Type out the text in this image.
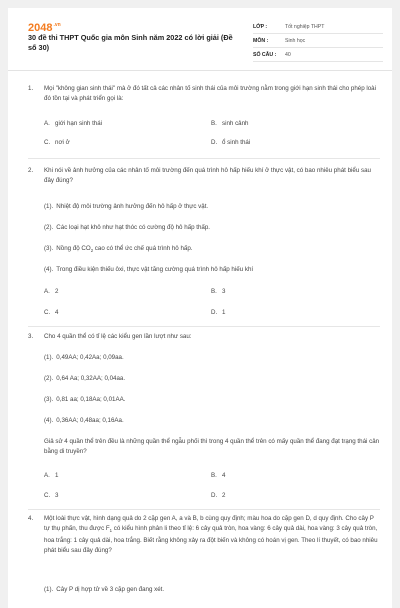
$2048^{.vn}$
30 đề thi THPT Quốc gia môn Sinh năm 2022 có lời giải (Đề số 30)
LỚP :	Tốt nghiệp THPT
MÔN :	Sinh học
SỐ CÂU :	40
1.	Mọi "không gian sinh thái" mà ở đó tất cả các nhân tố sinh thái của môi trường nằm trong giới hạn sinh thái cho phép loài đó tồn tại và phát triển gọi là:
A. giới hạn sinh thái	B. sinh cảnh
C. nơi ở	D. ổ sinh thái
2.	Khi nói về ảnh hưởng của các nhân tố môi trường đến quá trình hô hấp hiếu khí ở thực vật, có bao nhiêu phát biểu sau đây đúng?
(1). Nhiệt độ môi trường ảnh hưởng đến hô hấp ở thực vật.
(2). Các loại hạt khô như hạt thóc có cường độ hô hấp thấp.
(3). Nồng độ $CO_2$ cao có thể ức chế quá trình hô hấp.
(4). Trong điều kiện thiếu ôxi, thực vật tăng cường quá trình hô hấp hiếu khí
A. 2	B. 3
C. 4	D. 1
3.	Cho 4 quần thể có tỉ lệ các kiểu gen lần lượt như sau:
(1). 0,49AA; 0,42Aa; 0,09aa.
(2). 0,64 Aa; 0,32AA; 0,04aa.
(3). 0,81 aa; 0,18Aa; 0,01AA.
(4). 0,36AA; 0,48aa; 0,16Aa.
Giả sử 4 quần thể trên đều là những quần thể ngẫu phối thì trong 4 quần thể trên có mấy quần thể đang đạt trạng thái cân bằng di truyền?
A. 1	B. 4
C. 3	D. 2
4.	Một loài thực vật, hình dạng quả do 2 cặp gen A, a và B, b cùng quy định; màu hoa do cặp gen D, d quy định. Cho cây P tự thụ phấn, thu được $F_1$ có kiểu hình phân li theo tỉ lệ: 6 cây quả tròn, hoa vàng: 6 cây quả dài, hoa vàng: 3 cây quả tròn, hoa trắng: 1 cây quả dài, hoa trắng. Biết rằng không xảy ra đột biến và không có hoán vị gen. Theo lí thuyết, có bao nhiêu phát biểu sau đây đúng?
(1). Cây P dị hợp tử về 3 cặp gen đang xét.
